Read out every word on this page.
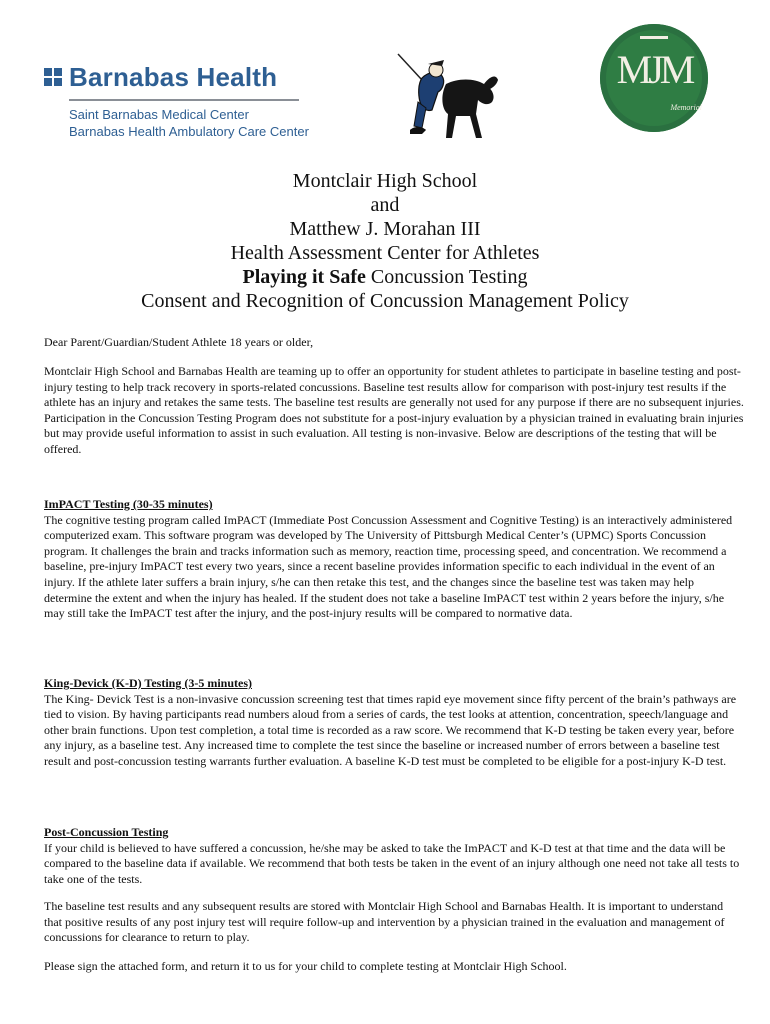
Barnabas Health
Saint Barnabas Medical Center
Barnabas Health Ambulatory Care Center
MJM
Memorial
Montclair High School
and
Matthew J. Morahan III
Health Assessment Center for Athletes
Playing it Safe Concussion Testing
Consent and Recognition of Concussion Management Policy
Dear Parent/Guardian/Student Athlete 18 years or older,
Montclair High School and Barnabas Health are teaming up to offer an opportunity for student athletes to participate in baseline testing and post-injury testing to help track recovery in sports-related concussions. Baseline test results allow for comparison with post-injury test results if the athlete has an injury and retakes the same tests. The baseline test results are generally not used for any purpose if there are no subsequent injuries. Participation in the Concussion Testing Program does not substitute for a post-injury evaluation by a physician trained in evaluating brain injuries but may provide useful information to assist in such evaluation. All testing is non-invasive. Below are descriptions of the testing that will be offered.
ImPACT Testing (30-35 minutes)
The cognitive testing program called ImPACT (Immediate Post Concussion Assessment and Cognitive Testing) is an interactively administered computerized exam. This software program was developed by The University of Pittsburgh Medical Center’s (UPMC) Sports Concussion program. It challenges the brain and tracks information such as memory, reaction time, processing speed, and concentration. We recommend a baseline, pre-injury ImPACT test every two years, since a recent baseline provides information specific to each individual in the event of an injury. If the athlete later suffers a brain injury, s/he can then retake this test, and the changes since the baseline test was taken may help determine the extent and when the injury has healed. If the student does not take a baseline ImPACT test within 2 years before the injury, s/he may still take the ImPACT test after the injury, and the post-injury results will be compared to normative data.
King-Devick (K-D) Testing (3-5 minutes)
The King- Devick Test is a non-invasive concussion screening test that times rapid eye movement since fifty percent of the brain’s pathways are tied to vision. By having participants read numbers aloud from a series of cards, the test looks at attention, concentration, speech/language and other brain functions. Upon test completion, a total time is recorded as a raw score. We recommend that K-D testing be taken every year, before any injury, as a baseline test. Any increased time to complete the test since the baseline or increased number of errors between a baseline test result and post-concussion testing warrants further evaluation. A baseline K-D test must be completed to be eligible for a post-injury K-D test.
Post-Concussion Testing
If your child is believed to have suffered a concussion, he/she may be asked to take the ImPACT and K-D test at that time and the data will be compared to the baseline data if available. We recommend that both tests be taken in the event of an injury although one need not take all tests to take one of the tests.
The baseline test results and any subsequent results are stored with Montclair High School and Barnabas Health. It is important to understand that positive results of any post injury test will require follow-up and intervention by a physician trained in the evaluation and management of concussions for clearance to return to play.
Please sign the attached form, and return it to us for your child to complete testing at Montclair High School.
